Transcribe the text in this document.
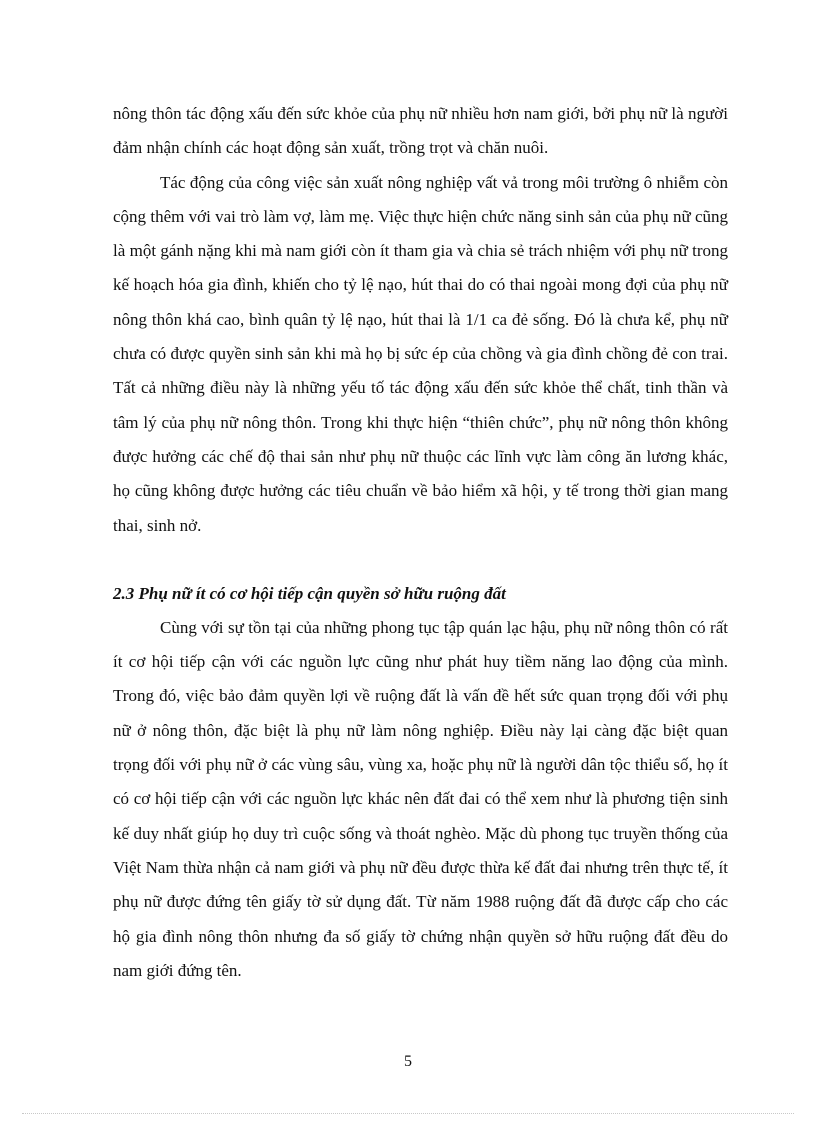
nông thôn tác động xấu đến sức khỏe của phụ nữ nhiều hơn nam giới, bởi phụ nữ là người đảm nhận chính các hoạt động sản xuất, trồng trọt và chăn nuôi.

Tác động của công việc sản xuất nông nghiệp vất vả trong môi trường ô nhiễm còn cộng thêm với vai trò làm vợ, làm mẹ. Việc thực hiện chức năng sinh sản của phụ nữ cũng là một gánh nặng khi mà nam giới còn ít tham gia và chia sẻ trách nhiệm với phụ nữ trong kế hoạch hóa gia đình, khiến cho tỷ lệ nạo, hút thai do có thai ngoài mong đợi của phụ nữ nông thôn khá cao, bình quân tỷ lệ nạo, hút thai là 1/1 ca đẻ sống. Đó là chưa kể, phụ nữ chưa có được quyền sinh sản khi mà họ bị sức ép của chồng và gia đình chồng đẻ con trai. Tất cả những điều này là những yếu tố tác động xấu đến sức khỏe thể chất, tinh thần và tâm lý của phụ nữ nông thôn. Trong khi thực hiện “thiên chức”, phụ nữ nông thôn không được hưởng các chế độ thai sản như phụ nữ thuộc các lĩnh vực làm công ăn lương khác, họ cũng không được hưởng các tiêu chuẩn về bảo hiểm xã hội, y tế trong thời gian mang thai, sinh nở.

2.3 Phụ nữ ít có cơ hội tiếp cận quyền sở hữu ruộng đất

Cùng với sự tồn tại của những phong tục tập quán lạc hậu, phụ nữ nông thôn có rất ít cơ hội tiếp cận với các nguồn lực cũng như phát huy tiềm năng lao động của mình. Trong đó, việc bảo đảm quyền lợi về ruộng đất là vấn đề hết sức quan trọng đối với phụ nữ ở nông thôn, đặc biệt là phụ nữ làm nông nghiệp. Điều này lại càng đặc biệt quan trọng đối với phụ nữ ở các vùng sâu, vùng xa, hoặc phụ nữ là người dân tộc thiểu số, họ ít có cơ hội tiếp cận với các nguồn lực khác nên đất đai có thể xem như là phương tiện sinh kế duy nhất giúp họ duy trì cuộc sống và thoát nghèo. Mặc dù phong tục truyền thống của Việt Nam thừa nhận cả nam giới và phụ nữ đều được thừa kế đất đai nhưng trên thực tế, ít phụ nữ được đứng tên giấy tờ sử dụng đất. Từ năm 1988 ruộng đất đã được cấp cho các hộ gia đình nông thôn nhưng đa số giấy tờ chứng nhận quyền sở hữu ruộng đất đều do nam giới đứng tên.

5
